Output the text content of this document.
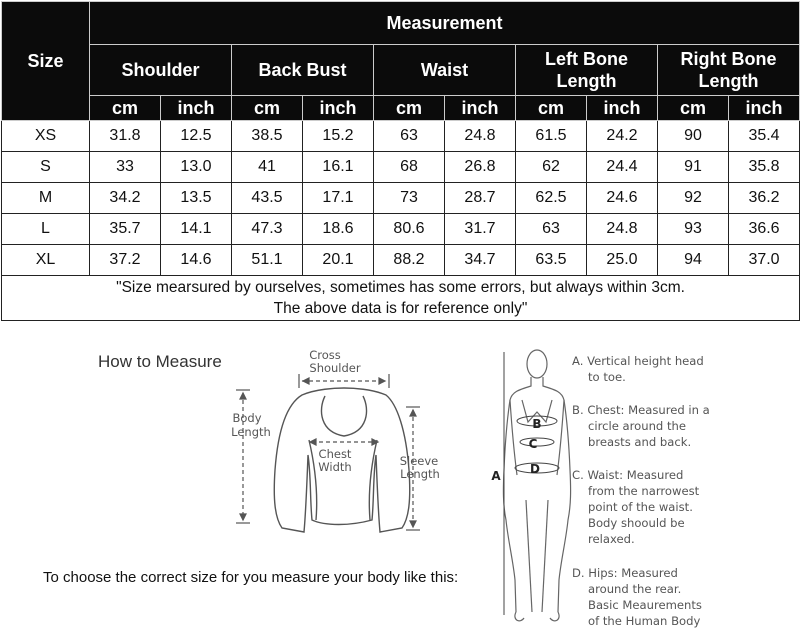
Size	Measurement									
	Shoulder		Back Bust		Waist		Left Bone Length		Right Bone Length	
	cm	inch	cm	inch	cm	inch	cm	inch	cm	inch
XS	31.8	12.5	38.5	15.2	63	24.8	61.5	24.2	90	35.4
S	33	13.0	41	16.1	68	26.8	62	24.4	91	35.8
M	34.2	13.5	43.5	17.1	73	28.7	62.5	24.6	92	36.2
L	35.7	14.1	47.3	18.6	80.6	31.7	63	24.8	93	36.6
XL	37.2	14.6	51.1	20.1	88.2	34.7	63.5	25.0	94	37.0

"Size mearsured by ourselves, sometimes has some errors, but always within 3cm.
The above data is for reference only"										
How to Measure	Cross
Shoulder
Body
Length
Chest
Width	Sleeve
Length	A
B
C
D
A. Vertical height head
to toe.
B. Chest: Measured in a
circle around the
breasts and back.
C. Waist: Measured
from the narrowest
point of the waist.
Body shoould be
relaxed.
D. Hips: Measured
around the rear.
Basic Meaurements
of the Human Body
To choose the correct size for you measure your body like this:
